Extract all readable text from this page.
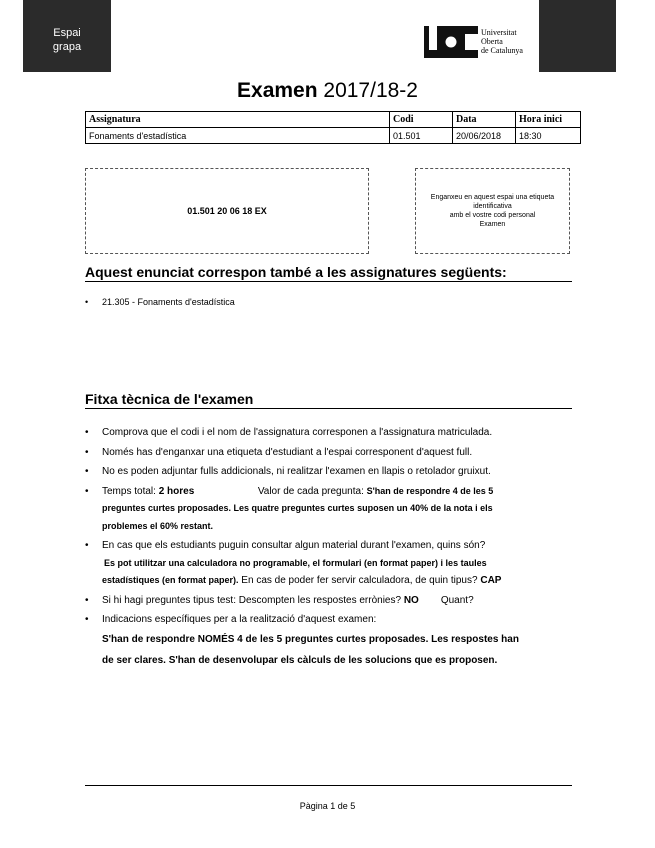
Espai
grapa
Universitat
Oberta
de Catalunya
Examen 2017/18-2
Assignatura	Codi	Data	Hora inici
Fonaments d'estadística	01.501	20/06/2018	18:30
01.501 20 06 18 EX
Enganxeu en aquest espai una etiqueta
identificativa
amb el vostre codi personal
Examen
Aquest enunciat correspon també a les assignatures següents:
• 21.305 - Fonaments d'estadística
Fitxa tècnica de l'examen
• Comprova que el codi i el nom de l'assignatura corresponen a l'assignatura matriculada.
• Només has d'enganxar una etiqueta d'estudiant a l'espai corresponent d'aquest full.
• No es poden adjuntar fulls addicionals, ni realitzar l'examen en llapis o retolador gruixut.
• Temps total: 2 hores	Valor de cada pregunta: S'han de respondre 4 de les 5
preguntes curtes proposades. Les quatre preguntes curtes suposen un 40% de la nota i els
problemes el 60% restant.
• En cas que els estudiants puguin consultar algun material durant l'examen, quins són?
Es pot utilitzar una calculadora no programable, el formulari (en format paper) i les taules
estadístiques (en format paper). En cas de poder fer servir calculadora, de quin tipus? CAP
• Si hi hagi preguntes tipus test: Descompten les respostes errònies? NO Quant?
• Indicacions específiques per a la realització d'aquest examen:
S'han de respondre NOMÉS 4 de les 5 preguntes curtes proposades. Les respostes han
de ser clares. S'han de desenvolupar els càlculs de les solucions que es proposen.
Pàgina 1 de 5
